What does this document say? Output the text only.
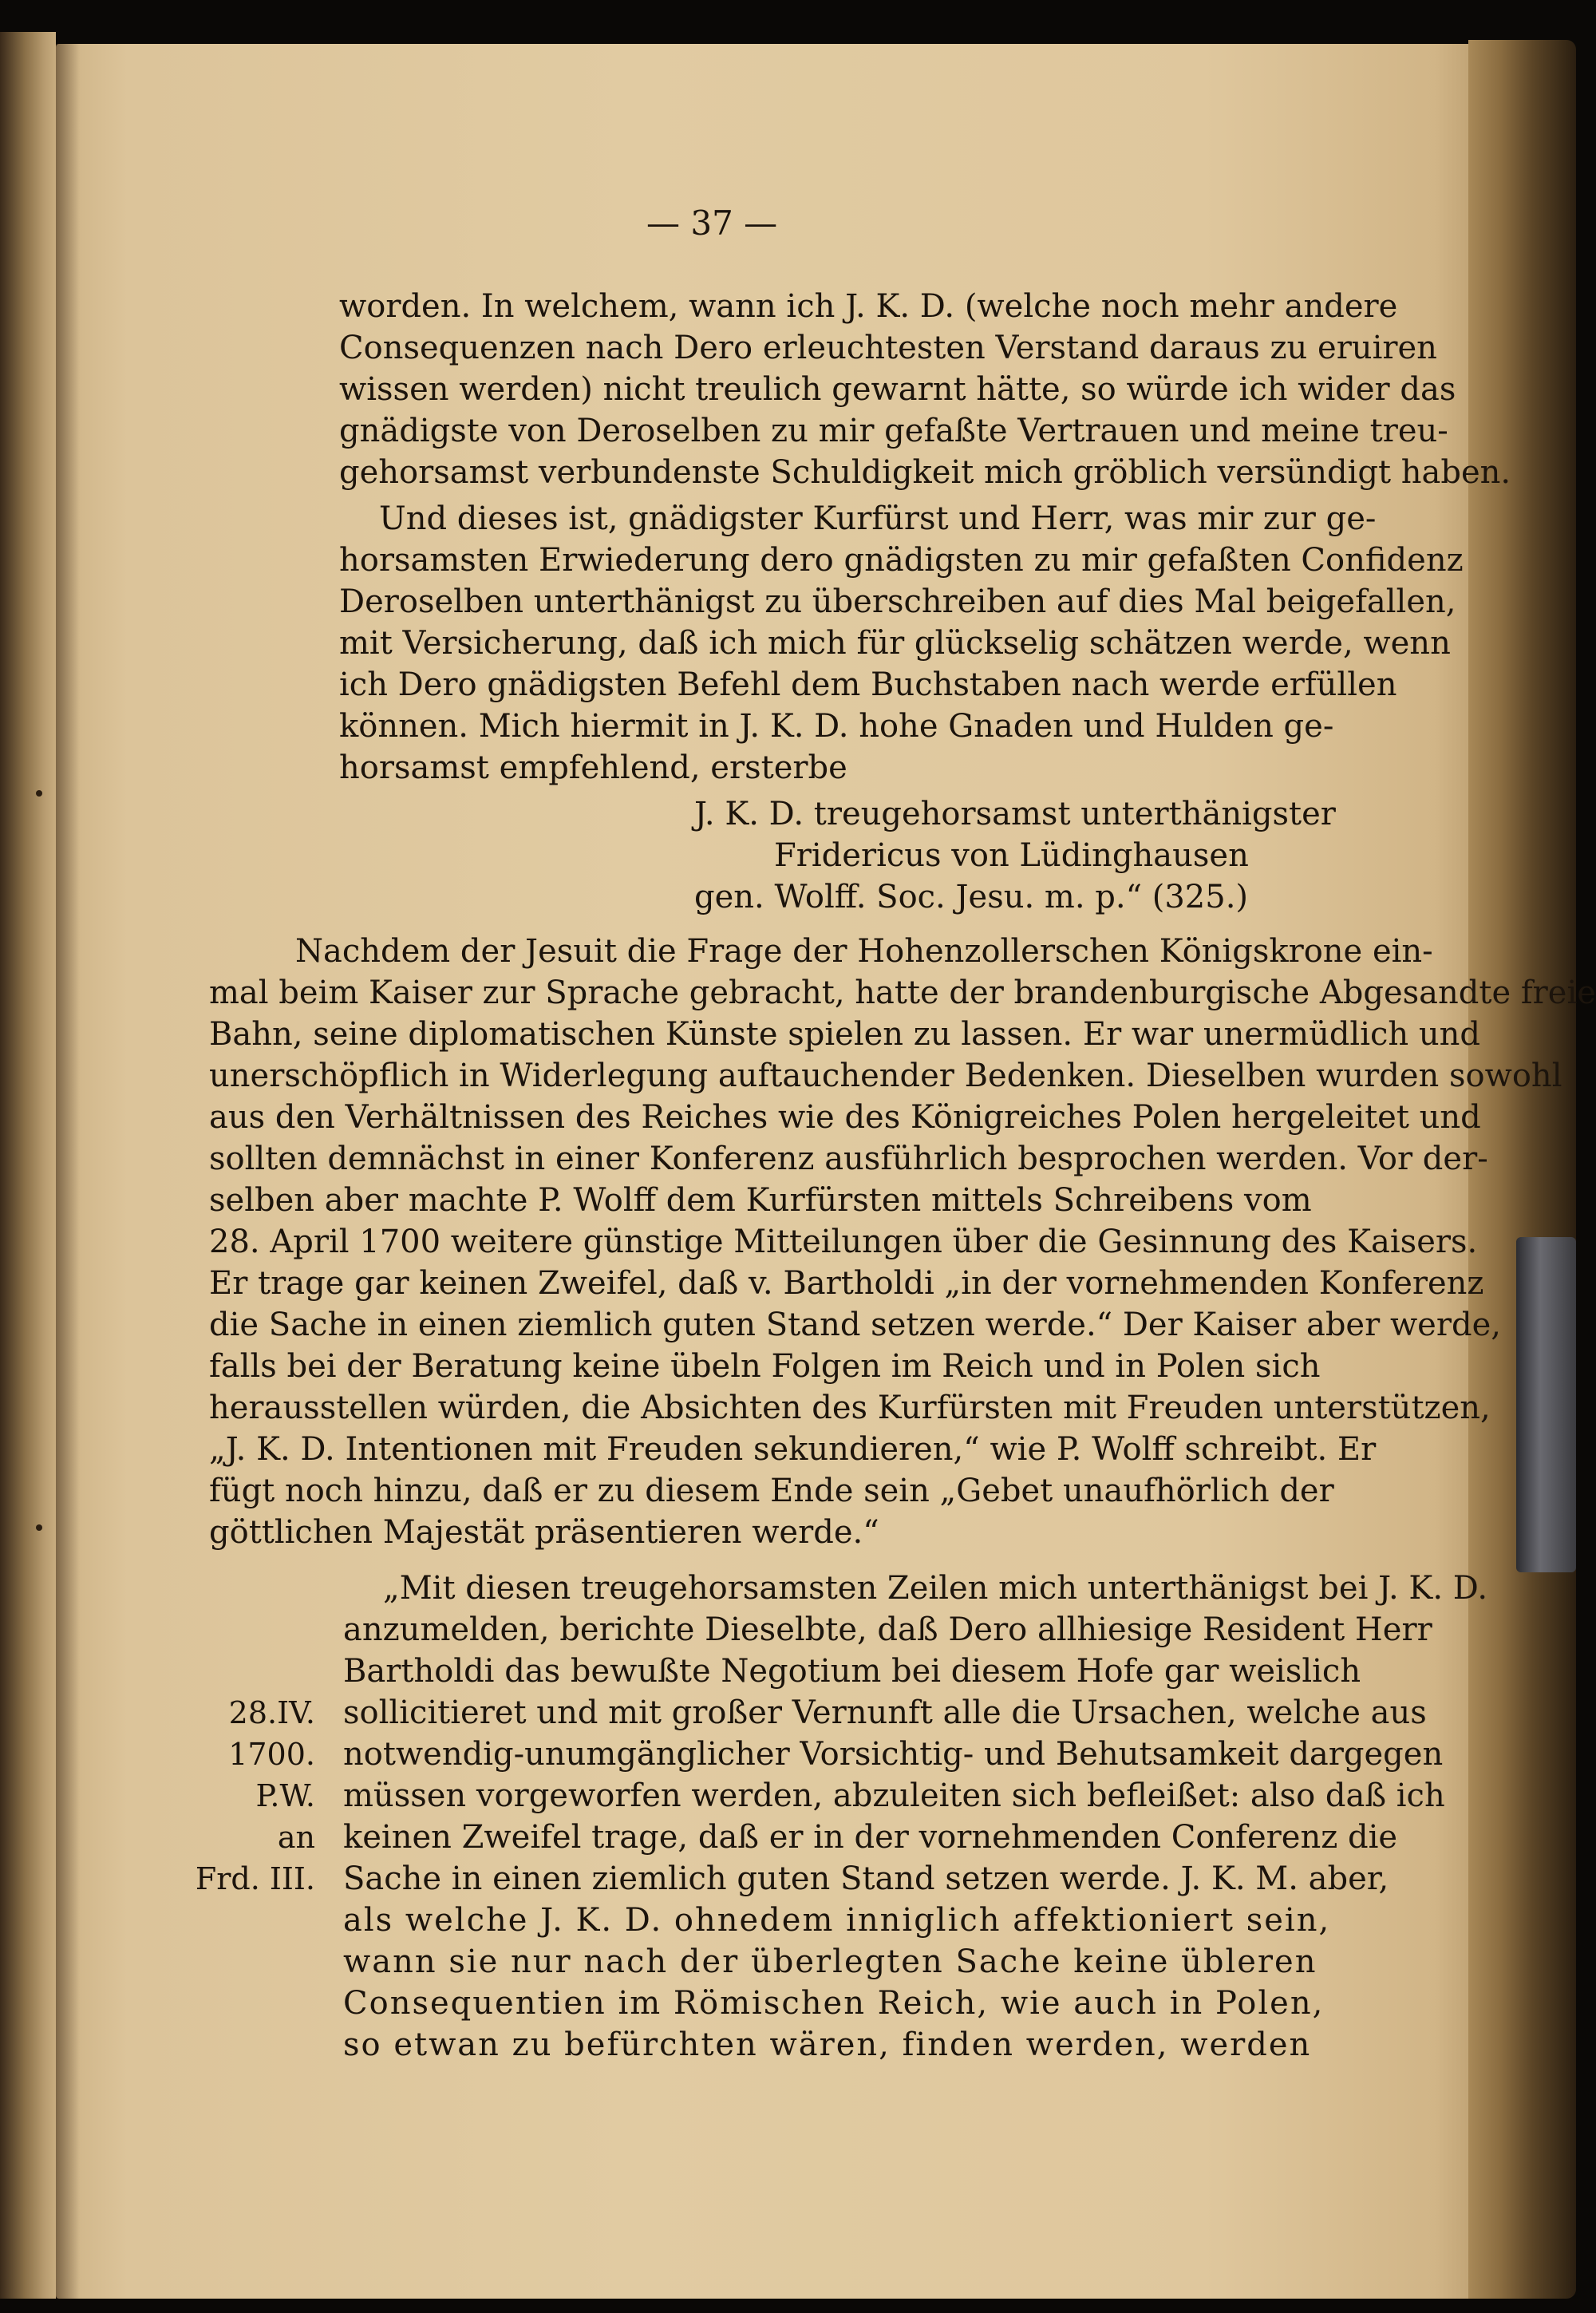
— 37 —
worden. In welchem, wann ich J. K. D. (welche noch mehr andere
Consequenzen nach Dero erleuchtesten Verstand daraus zu eruiren
wissen werden) nicht treulich gewarnt hätte, so würde ich wider das
gnädigste von Deroselben zu mir gefaßte Vertrauen und meine treu-
gehorsamst verbundenste Schuldigkeit mich gröblich versündigt haben.
Und dieses ist, gnädigster Kurfürst und Herr, was mir zur ge-
horsamsten Erwiederung dero gnädigsten zu mir gefaßten Confidenz
Deroselben unterthänigst zu überschreiben auf dies Mal beigefallen,
mit Versicherung, daß ich mich für glückselig schätzen werde, wenn
ich Dero gnädigsten Befehl dem Buchstaben nach werde erfüllen
können. Mich hiermit in J. K. D. hohe Gnaden und Hulden ge-
horsamst empfehlend, ersterbe
J. K. D. treugehorsamst unterthänigster
Fridericus von Lüdinghausen
gen. Wolff. Soc. Jesu. m. p.“ (325.)
Nachdem der Jesuit die Frage der Hohenzollerschen Königskrone ein-
mal beim Kaiser zur Sprache gebracht, hatte der brandenburgische Abgesandte freie
Bahn, seine diplomatischen Künste spielen zu lassen. Er war unermüdlich und
unerschöpflich in Widerlegung auftauchender Bedenken. Dieselben wurden sowohl
aus den Verhältnissen des Reiches wie des Königreiches Polen hergeleitet und
sollten demnächst in einer Konferenz ausführlich besprochen werden. Vor der-
selben aber machte P. Wolff dem Kurfürsten mittels Schreibens vom
28. April 1700 weitere günstige Mitteilungen über die Gesinnung des Kaisers.
Er trage gar keinen Zweifel, daß v. Bartholdi „in der vornehmenden Konferenz
die Sache in einen ziemlich guten Stand setzen werde.“ Der Kaiser aber werde,
falls bei der Beratung keine übeln Folgen im Reich und in Polen sich
herausstellen würden, die Absichten des Kurfürsten mit Freuden unterstützen,
„J. K. D. Intentionen mit Freuden sekundieren,“ wie P. Wolff schreibt. Er
fügt noch hinzu, daß er zu diesem Ende sein „Gebet unaufhörlich der
göttlichen Majestät präsentieren werde.“
28.IV.
1700.
P.W.
an
Frd. III.
„Mit diesen treugehorsamsten Zeilen mich unterthänigst bei J. K. D.
anzumelden, berichte Dieselbte, daß Dero allhiesige Resident Herr
Bartholdi das bewußte Negotium bei diesem Hofe gar weislich
sollicitieret und mit großer Vernunft alle die Ursachen, welche aus
notwendig-unumgänglicher Vorsichtig- und Behutsamkeit dargegen
müssen vorgeworfen werden, abzuleiten sich befleißet: also daß ich
keinen Zweifel trage, daß er in der vornehmenden Conferenz die
Sache in einen ziemlich guten Stand setzen werde. J. K. M. aber,
als welche J. K. D. ohnedem inniglich affektioniert sein,
wann sie nur nach der überlegten Sache keine übleren
Consequentien im Römischen Reich, wie auch in Polen,
so etwan zu befürchten wären, finden werden, werden
